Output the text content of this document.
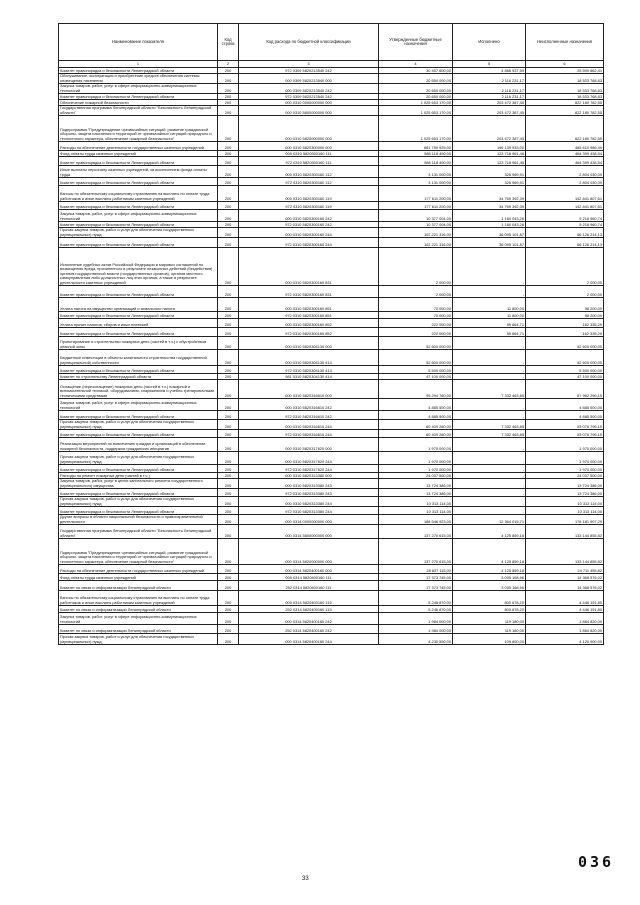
Наименование показателя	Код строки	Код расхода по бюджетной классификации	Утвержденные бюджетные назначения	Исполнено	Неисполненные назначения
1	2	3	4	5	6
Комитет правопорядка и безопасности Ленинградской области	200	972 0309 5820213540 242	30 457 600,00	4 866 937,59	25 590 662,41
Обслуживание, эксплуатация и приобретение средств обеспечения системы оповещения населения	200	000 0309 5820213540 000	20 650 000,00	2 116 231,17	18 533 768,83
Закупка товаров, работ, услуг в сфере информационно-коммуникационных технологий	200	000 0309 5820213540 242	20 650 000,00	2 116 231,17	18 533 768,83
Комитет правопорядка и безопасности Ленинградской области	200	972 0309 5820213540 242	20 650 000,00	2 116 231,17	18 533 768,83
Обеспечение пожарной безопасности	200	000 0310 0000000000 000	1 025 653 170,00	203 472 387,45	822 180 782,55
Государственная программа Ленинградской области "Безопасность Ленинградской области"	200	000 0310 5800000000 000	1 025 653 170,00	203 472 387,45	822 180 782,55
Подпрограмма "Предупреждение чрезвычайных ситуаций, развитие гражданской обороны, защита населения и территорий от чрезвычайных ситуаций природного и техногенного характера, обеспечение пожарной безопасности"	200	000 0310 5820000000 000	1 025 653 170,00	203 472 387,45	822 180 782,55
Расходы на обеспечение деятельности государственных казенных учреждений	200	000 0310 5820300000 000	681 750 925,00	196 139 933,00	485 610 986,40
Фонд оплаты труда казенных учреждений	200	000 0310 5820300160 111	588 118 400,00	123 718 961,46	464 399 438,54
Комитет правопорядка и безопасности Ленинградской области	200	972 0310 5820300160 111	588 118 400,00	123 718 961,46	464 399 438,54
Иные выплаты персоналу казенных учреждений, за исключением фонда оплаты труда	200	000 0310 5820300160 112	3 131 000,00	326 969,91	2 804 030,09
Комитет правопорядка и безопасности Ленинградской области	200	972 0310 5820300160 112	3 131 000,00	326 969,91	2 804 030,09
Взносы по обязательному социальному страхованию на выплаты по оплате труда работников и иные выплаты работникам казенных учреждений	200	000 0310 5820300160 119	177 611 200,00	34 769 392,39	142 841 807,61
Комитет правопорядка и безопасности Ленинградской области	200	972 0310 5820300160 119	177 611 200,00	34 769 392,39	142 841 807,61
Закупка товаров, работ, услуг в сфере информационно-коммуникационных технологий	200	000 0310 5820300160 242	10 377 004,00	1 160 043,26	9 216 960,74
Комитет правопорядка и безопасности Ленинградской области	200	972 0310 5820300160 242	10 377 004,00	1 160 043,26	9 216 960,74
Прочая закупка товаров, работ и услуг для обеспечения государственных (муниципальных) нужд	200	000 0310 5820300160 244	102 221 316,00	36 095 101,87	66 126 214,13
Комитет правопорядка и безопасности Ленинградской области	200	972 0310 5820300160 244	102 221 316,00	36 095 101,87	66 126 214,13
Исполнение судебных актов Российской Федерации и мировых соглашений по возмещению вреда, причиненного в результате незаконных действий (бездействия) органов государственной власти (государственных органов), органов местного самоуправления либо должностных лиц этих органов, а также в результате деятельности казенных учреждений	200	000 0310 5820300160 831	2 000,00	-	2 000,00
Комитет правопорядка и безопасности Ленинградской области	200	972 0310 5820300160 831	2 000,00	-	2 000,00
Уплата налога на имущество организаций и земельного налога	200	000 0310 5820300160 851	70 000,00	11 800,00	58 200,00
Комитет правопорядка и безопасности Ленинградской области	200	972 0310 5820300160 851	70 000,00	11 800,00	58 200,00
Уплата прочих налогов, сборов и иных платежей	200	000 0310 5820300160 852	222 000,00	59 664,71	162 335,29
Комитет правопорядка и безопасности Ленинградской области	200	972 0310 5820300160 852	222 000,00	59 664,71	162 335,29
Проектирование и строительство пожарных депо (частей в т.ч.) с обустройством опасной зоны	200	000 0310 5820304130 000	52 600 000,00	-	52 600 000,00
Бюджетные инвестиции в объекты капитального строительства государственной (муниципальной) собственности	200	000 0310 5820304130 414	52 600 000,00	-	52 600 000,00
Комитет правопорядка и безопасности Ленинградской области	200	972 0310 5820304130 414	5 500 000,00	-	5 500 000,00
Комитет по строительству Ленинградской области	200	981 0310 5820304130 414	47 100 000,00	-	47 100 000,00
Оснащение (переоснащение) пожарных депо (частей в т.ч.) пожарной и вспомогательной техникой, оборудованием, снаряжением и учебно-тренировочными техническими средствами	200	000 0310 5820316610 000	95 294 760,00	7 332 463,85	87 962 296,15
Закупка товаров, работ, услуг в сфере информационно-коммуникационных технологий	200	000 0310 5820316610 242	4 885 500,00	-	4 885 500,00
Комитет правопорядка и безопасности Ленинградской области	200	972 0310 5820316610 242	4 885 500,00	-	4 885 500,00
Прочая закупка товаров, работ и услуг для обеспечения государственных (муниципальных) нужд	200	000 0310 5820316610 244	60 409 260,00	7 332 463,85	53 076 796,15
Комитет правопорядка и безопасности Ленинградской области	200	972 0310 5820316610 244	60 409 260,00	7 332 463,85	53 076 796,15
Реализация мероприятий по вовлечению граждан и организаций в обеспечение пожарной безопасности, поддержка гражданских инициатив	200	000 0310 5820317620 000	1 970 000,00	-	1 970 000,00
Прочая закупка товаров, работ и услуг для обеспечения государственных (муниципальных) нужд	200	000 0310 5820317620 244	1 970 000,00	-	1 970 000,00
Комитет правопорядка и безопасности Ленинградской области	200	972 0310 5820317620 244	1 970 000,00	-	1 970 000,00
Расходы на ремонт пожарных депо (частей в т.ч.)	200	000 0310 5820313380 000	24 037 500,00	-	24 037 500,00
Закупка товаров, работ, услуг в целях капитального ремонта государственного (муниципального) имущества	200	000 0310 5820313380 243	13 724 386,00	-	13 724 386,00
Комитет правопорядка и безопасности Ленинградской области	200	972 0310 5820313380 243	13 724 386,00	-	13 724 386,00
Прочая закупка товаров, работ и услуг для обеспечения государственных (муниципальных) нужд	200	000 0310 5820313380 244	10 313 114,00	-	10 313 114,00
Комитет правопорядка и безопасности Ленинградской области	200	972 0310 5820313380 244	10 313 114,00	-	10 313 114,00
Другие вопросы в области национальной безопасности и правоохранительной деятельности	200	000 0314 0000000000 000	188 546 923,00	12 364 015,71	176 181 907,29
Государственная программа Ленинградской области "Безопасность Ленинградской области"	200	000 0314 5800000000 000	137 270 615,00	4 125 859,18	133 144 855,82
Подпрограмма "Предупреждение чрезвычайных ситуаций, развитие гражданской обороны, защита населения и территорий от чрезвычайных ситуаций природного и техногенного характера, обеспечение пожарной безопасности"	200	000 0314 5820000000 000	137 270 615,00	4 125 859,18	133 144 855,82
Расходы на обеспечение деятельности государственных казенных учреждений	200	000 0314 5820400160 000	28 837 115,00	4 125 859,18	24 711 455,82
Фонд оплаты труда казенных учреждений	200	000 0314 5820400160 111	17 373 745,00	3 005 168,96	14 368 576,02
Комитет по связи и информатизации Ленинградской области	200	252 0314 5820400160 111	17 373 745,00	3 005 168,96	14 368 576,02
Взносы по обязательному социальному страхованию на выплаты по оплате труда работников и иные выплаты работникам казенных учреждений	200	000 0314 5820400160 119	5 246 870,00	800 678,20	4 446 191,80
Комитет по связи и информатизации Ленинградской области	200	252 0314 5820400160 119	5 246 870,00	800 678,20	4 446 191,80
Закупка товаров, работ, услуг в сфере информационно-коммуникационных технологий	200	000 0314 5820400160 242	1 984 000,00	119 180,00	1 864 820,00
Комитет по связи и информатизации Ленинградской области	200	252 0314 5820400160 242	1 984 000,00	119 180,00	1 864 820,00
Прочая закупка товаров, работ и услуг для обеспечения государственных (муниципальных) нужд	200	000 0314 5820400160 244	4 230 500,00	109 600,00	4 120 900,00
33
036
